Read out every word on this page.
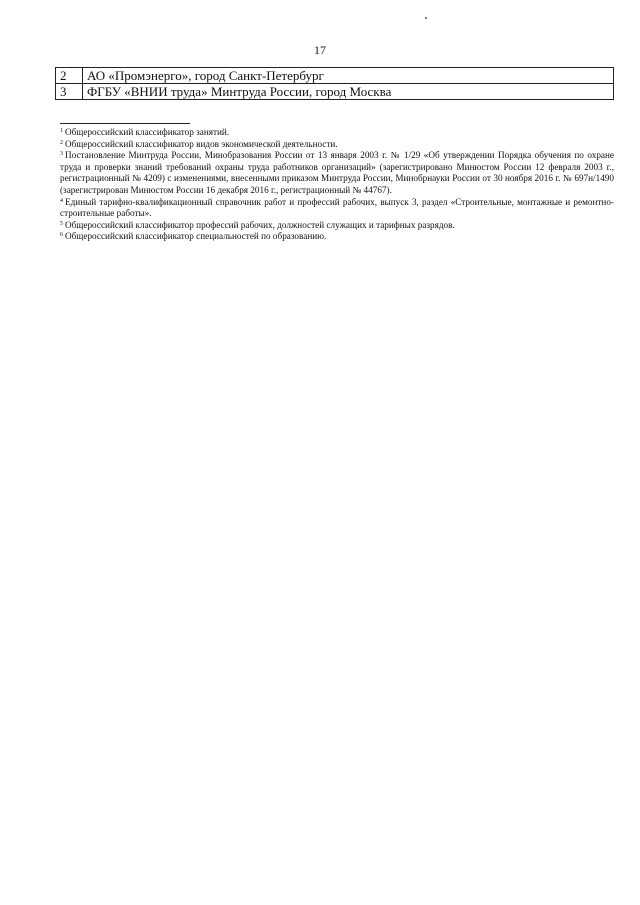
17
2	АО «Промэнерго», город Санкт-Петербург
3	ФГБУ «ВНИИ труда» Минтруда России, город Москва

$^1$ Общероссийский классификатор занятий.

$^2$ Общероссийский классификатор видов экономической деятельности.

$^3$ Постановление Минтруда России, Минобразования России от 13 января 2003 г. № 1/29 «Об утверждении Порядка обучения по охране труда и проверки знаний требований охраны труда работников организаций» (зарегистрировано Минюстом России 12 февраля 2003 г., регистрационный № 4209) с изменениями, внесенными приказом Минтруда России, Минобрнауки России от 30 ноября 2016 г. № 697н/1490 (зарегистрирован Минюстом России 16 декабря 2016 г., регистрационный № 44767).

$^4$ Единый тарифно-квалификационный справочник работ и профессий рабочих, выпуск 3, раздел «Строительные, монтажные и ремонтно-строительные работы».

$^5$ Общероссийский классификатор профессий рабочих, должностей служащих и тарифных разрядов.

$^6$ Общероссийский классификатор специальностей по образованию.
